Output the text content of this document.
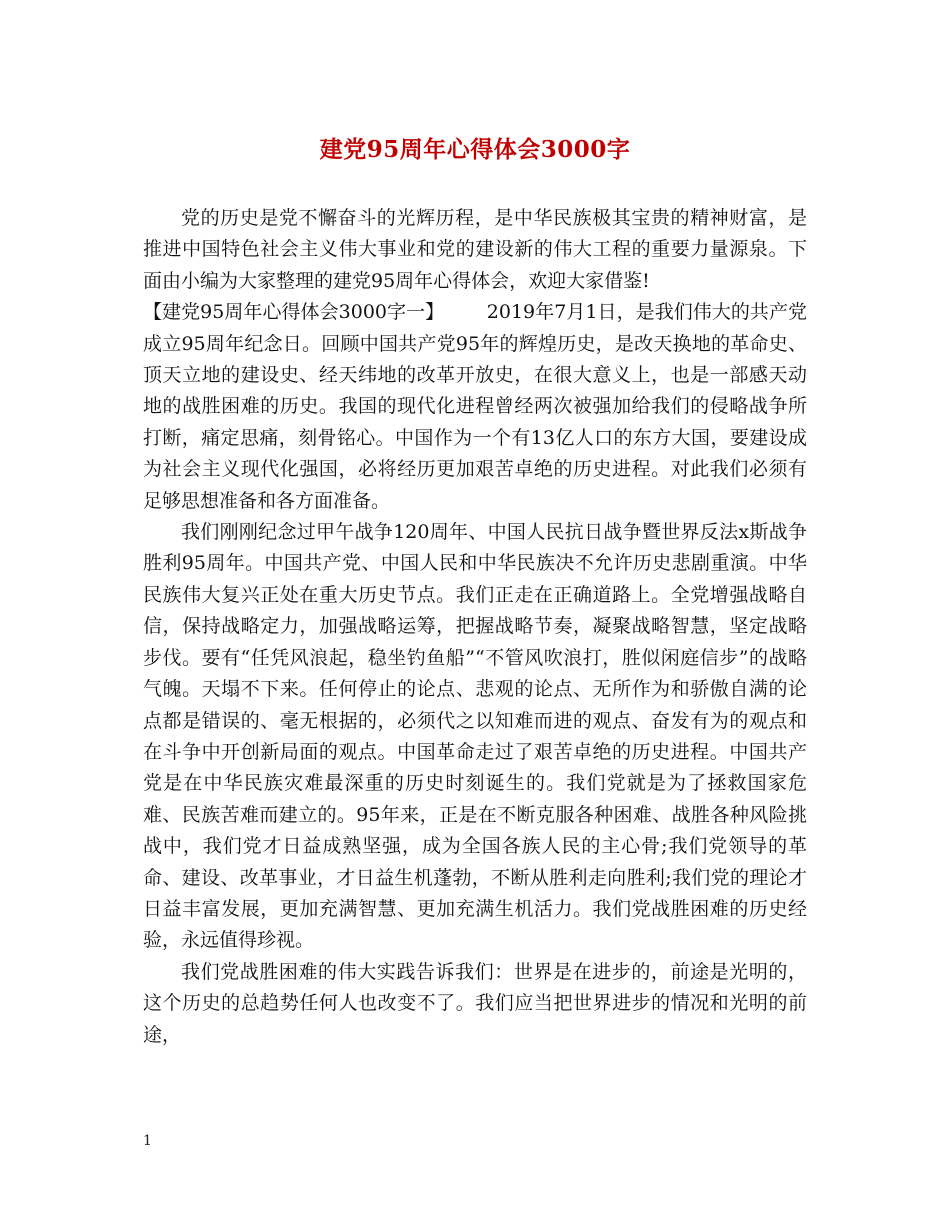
建党95周年心得体会3000字

党的历史是党不懈奋斗的光辉历程，是中华民族极其宝贵的精神财富，是推进中国特色社会主义伟大事业和党的建设新的伟大工程的重要力量源泉。下面由小编为大家整理的建党95周年心得体会，欢迎大家借鉴!

【建党95周年心得体会3000字一】 2019年7月1日，是我们伟大的共产党成立95周年纪念日。回顾中国共产党95年的辉煌历史，是改天换地的革命史、顶天立地的建设史、经天纬地的改革开放史，在很大意义上，也是一部感天动地的战胜困难的历史。我国的现代化进程曾经两次被强加给我们的侵略战争所打断，痛定思痛，刻骨铭心。中国作为一个有13亿人口的东方大国，要建设成为社会主义现代化强国，必将经历更加艰苦卓绝的历史进程。对此我们必须有足够思想准备和各方面准备。

我们刚刚纪念过甲午战争120周年、中国人民抗日战争暨世界反法x斯战争胜利95周年。中国共产党、中国人民和中华民族决不允许历史悲剧重演。中华民族伟大复兴正处在重大历史节点。我们正走在正确道路上。全党增强战略自信，保持战略定力，加强战略运筹，把握战略节奏，凝聚战略智慧，坚定战略步伐。要有“任凭风浪起，稳坐钓鱼船”“不管风吹浪打，胜似闲庭信步”的战略气魄。天塌不下来。任何停止的论点、悲观的论点、无所作为和骄傲自满的论点都是错误的、毫无根据的，必须代之以知难而进的观点、奋发有为的观点和在斗争中开创新局面的观点。中国革命走过了艰苦卓绝的历史进程。中国共产党是在中华民族灾难最深重的历史时刻诞生的。我们党就是为了拯救国家危难、民族苦难而建立的。95年来，正是在不断克服各种困难、战胜各种风险挑战中，我们党才日益成熟坚强，成为全国各族人民的主心骨;我们党领导的革命、建设、改革事业，才日益生机蓬勃，不断从胜利走向胜利;我们党的理论才日益丰富发展，更加充满智慧、更加充满生机活力。我们党战胜困难的历史经验，永远值得珍视。

我们党战胜困难的伟大实践告诉我们：世界是在进步的，前途是光明的，这个历史的总趋势任何人也改变不了。我们应当把世界进步的情况和光明的前途，

1
